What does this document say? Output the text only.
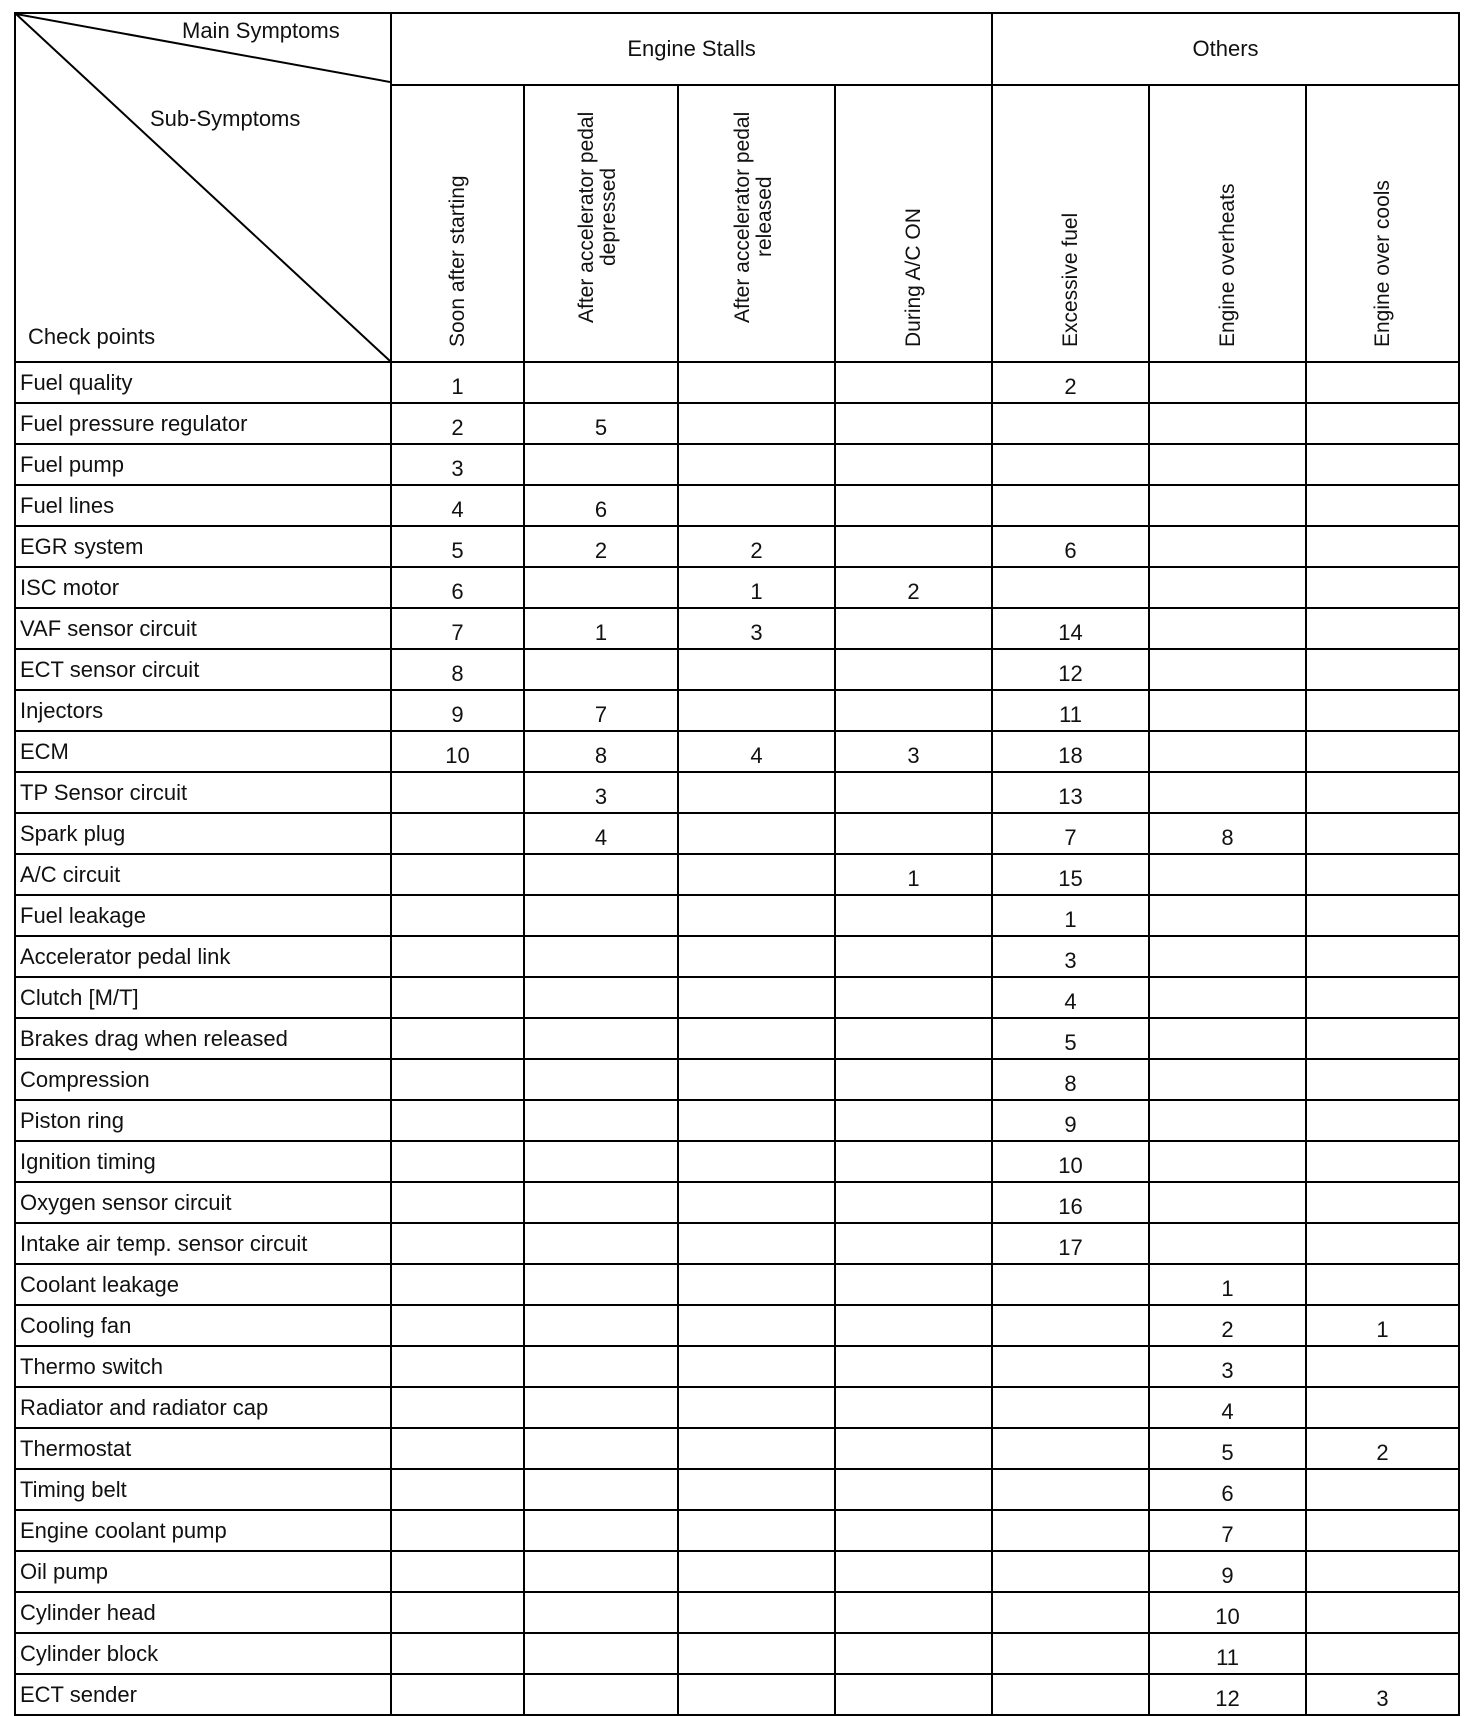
Main Symptoms
Sub-Symptoms
Check points	Engine Stalls				Others		

Soon after starting	After accelerator pedal depressed	After accelerator pedal released	During A/C ON	Excessive fuel	Engine overheats	Engine over cools

Fuel quality	1				2		
Fuel pressure regulator	2	5					
Fuel pump	3						
Fuel lines	4	6					
EGR system	5	2	2		6		
ISC motor	6		1	2			
VAF sensor circuit	7	1	3		14		
ECT sensor circuit	8				12		
Injectors	9	7			11		
ECM	10	8	4	3	18		
TP Sensor circuit		3			13		
Spark plug		4			7	8	
A/C circuit				1	15		
Fuel leakage					1		
Accelerator pedal link					3		
Clutch [M/T]					4		
Brakes drag when released					5		
Compression					8		
Piston ring					9		
Ignition timing					10		
Oxygen sensor circuit					16		
Intake air temp. sensor circuit					17		
Coolant leakage						1	
Cooling fan						2	1
Thermo switch						3	
Radiator and radiator cap						4	
Thermostat						5	2
Timing belt						6	
Engine coolant pump						7	
Oil pump						9	
Cylinder head						10	
Cylinder block						11	
ECT sender						12	3
